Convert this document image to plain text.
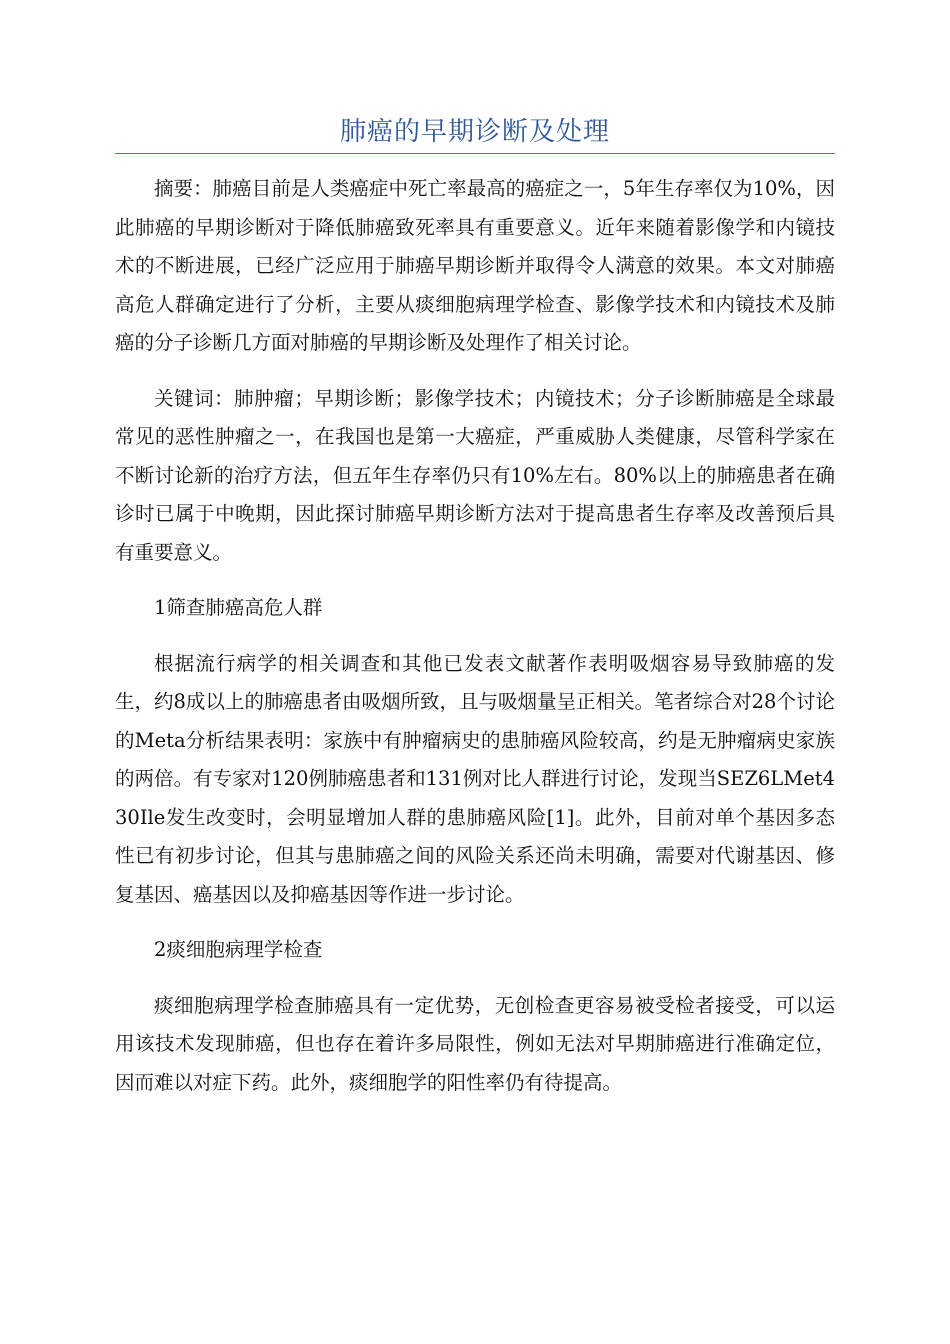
肺癌的早期诊断及处理

摘要：肺癌目前是人类癌症中死亡率最高的癌症之一，5年生存率仅为10%，因此肺癌的早期诊断对于降低肺癌致死率具有重要意义。近年来随着影像学和内镜技术的不断进展，已经广泛应用于肺癌早期诊断并取得令人满意的效果。本文对肺癌高危人群确定进行了分析，主要从痰细胞病理学检查、影像学技术和内镜技术及肺癌的分子诊断几方面对肺癌的早期诊断及处理作了相关讨论。

关键词：肺肿瘤；早期诊断；影像学技术；内镜技术；分子诊断肺癌是全球最常见的恶性肿瘤之一，在我国也是第一大癌症，严重威胁人类健康，尽管科学家在不断讨论新的治疗方法，但五年生存率仍只有10%左右。80%以上的肺癌患者在确诊时已属于中晚期，因此探讨肺癌早期诊断方法对于提高患者生存率及改善预后具有重要意义。

1筛查肺癌高危人群

根据流行病学的相关调查和其他已发表文献著作表明吸烟容易导致肺癌的发生，约8成以上的肺癌患者由吸烟所致，且与吸烟量呈正相关。笔者综合对28个讨论的Meta分析结果表明：家族中有肿瘤病史的患肺癌风险较高，约是无肿瘤病史家族的两倍。有专家对120例肺癌患者和131例对比人群进行讨论，发现当SEZ6LMet430Ile发生改变时，会明显增加人群的患肺癌风险[1]。此外，目前对单个基因多态性已有初步讨论，但其与患肺癌之间的风险关系还尚未明确，需要对代谢基因、修复基因、癌基因以及抑癌基因等作进一步讨论。

2痰细胞病理学检查

痰细胞病理学检查肺癌具有一定优势，无创检查更容易被受检者接受，可以运用该技术发现肺癌，但也存在着许多局限性，例如无法对早期肺癌进行准确定位，因而难以对症下药。此外，痰细胞学的阳性率仍有待提高。
